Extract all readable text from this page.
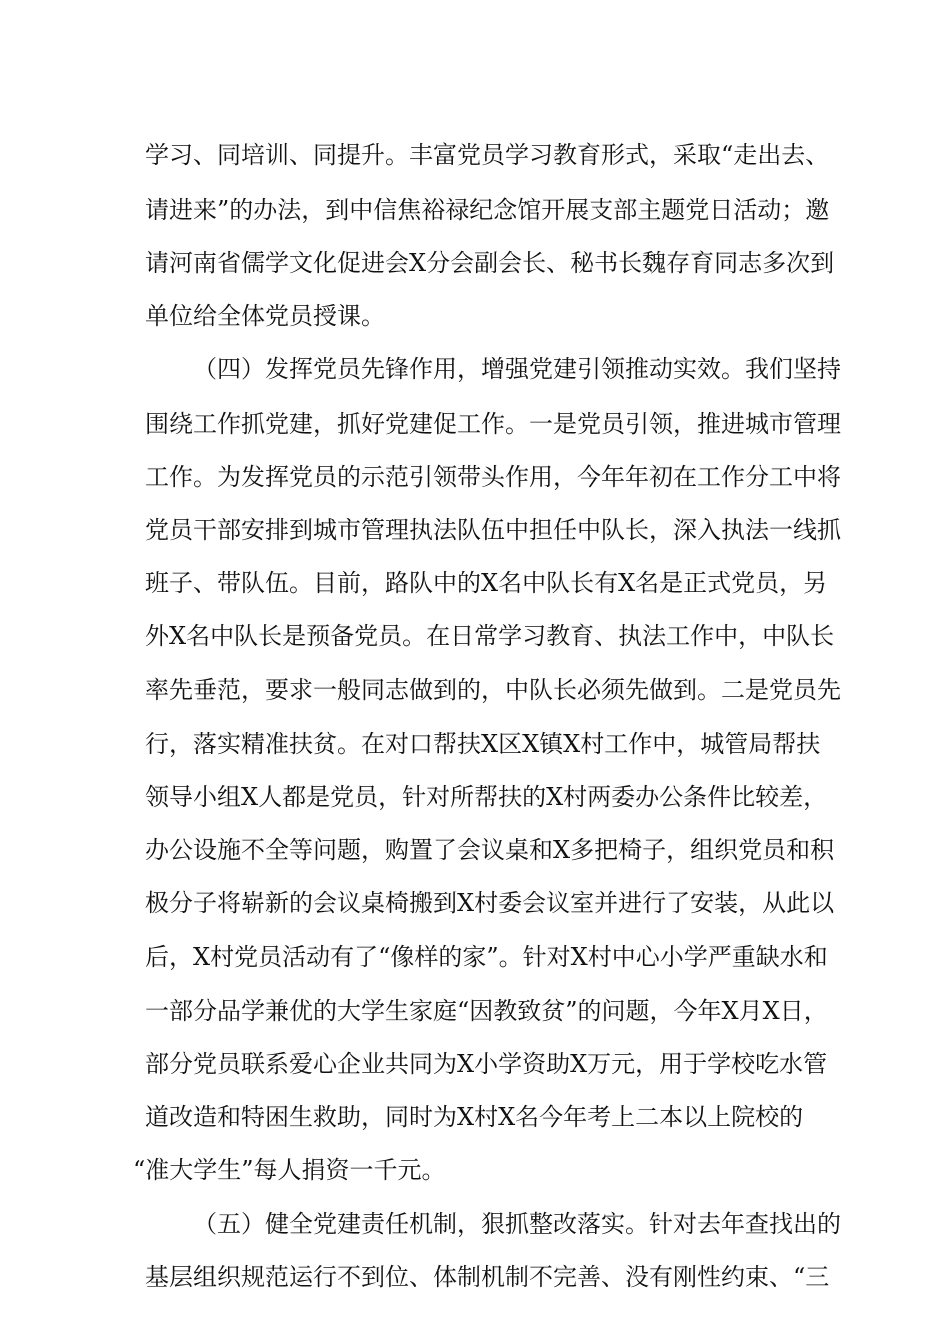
学习、同培训、同提升。丰富党员学习教育形式，采取“走出去、
请进来”的办法，到中信焦裕禄纪念馆开展支部主题党日活动；邀
请河南省儒学文化促进会X分会副会长、秘书长魏存育同志多次到
单位给全体党员授课。
（四）发挥党员先锋作用，增强党建引领推动实效。我们坚持
围绕工作抓党建，抓好党建促工作。一是党员引领，推进城市管理
工作。为发挥党员的示范引领带头作用，今年年初在工作分工中将
党员干部安排到城市管理执法队伍中担任中队长，深入执法一线抓
班子、带队伍。目前，路队中的X名中队长有X名是正式党员，另
外X名中队长是预备党员。在日常学习教育、执法工作中，中队长
率先垂范，要求一般同志做到的，中队长必须先做到。二是党员先
行，落实精准扶贫。在对口帮扶X区X镇X村工作中，城管局帮扶
领导小组X人都是党员，针对所帮扶的X村两委办公条件比较差，
办公设施不全等问题，购置了会议桌和X多把椅子，组织党员和积
极分子将崭新的会议桌椅搬到X村委会议室并进行了安装，从此以
后，X村党员活动有了“像样的家”。针对X村中心小学严重缺水和
一部分品学兼优的大学生家庭“因教致贫”的问题，今年X月X日，
部分党员联系爱心企业共同为X小学资助X万元，用于学校吃水管
道改造和特困生救助，同时为X村X名今年考上二本以上院校的
“准大学生”每人捐资一千元。
（五）健全党建责任机制，狠抓整改落实。针对去年查找出的
基层组织规范运行不到位、体制机制不完善、没有刚性约束、“三
